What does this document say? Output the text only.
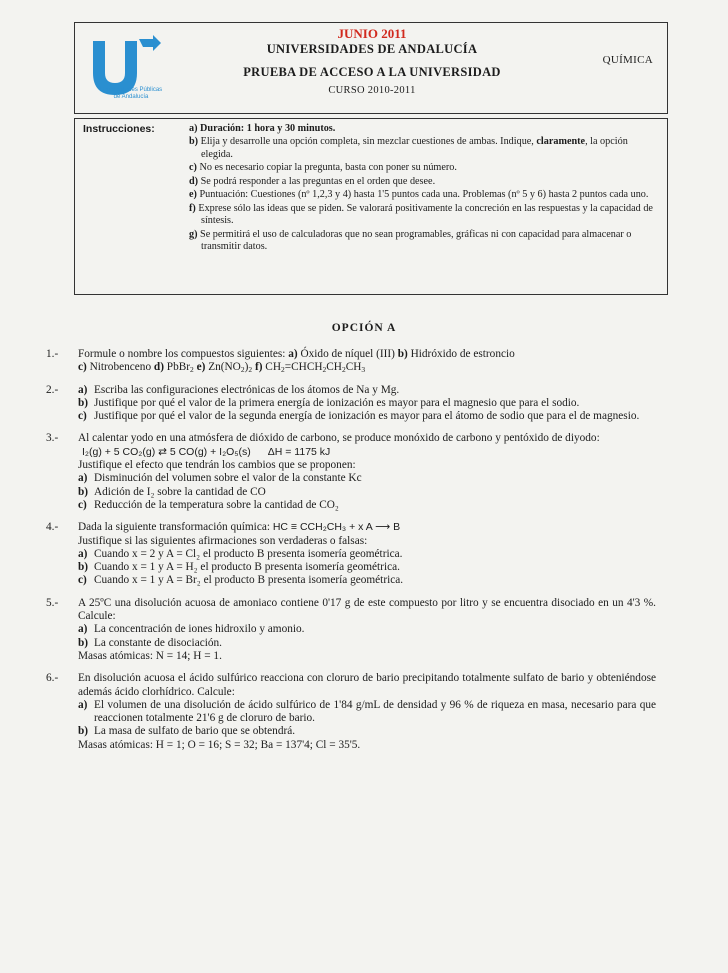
Universidades Públicas
de Andalucía
JUNIO 2011
UNIVERSIDADES DE ANDALUCÍA
PRUEBA DE ACCESO A LA UNIVERSIDAD
CURSO 2010-2011
QUÍMICA
Instrucciones:	a) Duración: 1 hora y 30 minutos.
b) Elija y desarrolle una opción completa, sin mezclar cuestiones de ambas. Indique, claramente, la opción elegida.
c) No es necesario copiar la pregunta, basta con poner su número.
d) Se podrá responder a las preguntas en el orden que desee.
e) Puntuación: Cuestiones (nº 1,2,3 y 4) hasta 1'5 puntos cada una. Problemas (nº 5 y 6) hasta 2 puntos cada uno.
f) Exprese sólo las ideas que se piden. Se valorará positivamente la concreción en las respuestas y la capacidad de síntesis.
g) Se permitirá el uso de calculadoras que no sean programables, gráficas ni con capacidad para almacenar o transmitir datos.
OPCIÓN A
1.- Formule o nombre los compuestos siguientes: a) Óxido de níquel (III) b) Hidróxido de estroncio
c) Nitrobenceno d) PbBr$_2$ e) $Zn(NO_2)_2$ f) $CH_2=CHCH_2CH_2CH_3$
2.- a) Escriba las configuraciones electrónicas de los átomos de Na y Mg.
b) Justifique por qué el valor de la primera energía de ionización es mayor para el magnesio que para el sodio.
c) Justifique por qué el valor de la segunda energía de ionización es mayor para el átomo de sodio que para el de magnesio.
3.- Al calentar yodo en una atmósfera de dióxido de carbono, se produce monóxido de carbono y pentóxido de diyodo:
I₂(g) + 5 CO₂(g) ⇄ 5 CO(g) + I₂O₅(s) ΔH = 1175 kJ
Justifique el efecto que tendrán los cambios que se proponen:
a) Disminución del volumen sobre el valor de la constante Kc
b) Adición de I₂ sobre la cantidad de CO
c) Reducción de la temperatura sobre la cantidad de CO₂
4.- Dada la siguiente transformación química: HC ≡ CCH₂CH₃ + x A ⟶ B
Justifique si las siguientes afirmaciones son verdaderas o falsas:
a) Cuando x = 2 y A = Cl₂ el producto B presenta isomería geométrica.
b) Cuando x = 1 y A = H₂ el producto B presenta isomería geométrica.
c) Cuando x = 1 y A = Br₂ el producto B presenta isomería geométrica.
5.- A 25ºC una disolución acuosa de amoniaco contiene 0'17 g de este compuesto por litro y se encuentra disociado en un 4'3 %. Calcule:
a) La concentración de iones hidroxilo y amonio.
b) La constante de disociación.
Masas atómicas: N = 14; H = 1.
6.- En disolución acuosa el ácido sulfúrico reacciona con cloruro de bario precipitando totalmente sulfato de bario y obteniéndose además ácido clorhídrico. Calcule:
a) El volumen de una disolución de ácido sulfúrico de 1'84 g/mL de densidad y 96 % de riqueza en masa, necesario para que reaccionen totalmente 21'6 g de cloruro de bario.
b) La masa de sulfato de bario que se obtendrá.
Masas atómicas: H = 1; O = 16; S = 32; Ba = 137'4; Cl = 35'5.
